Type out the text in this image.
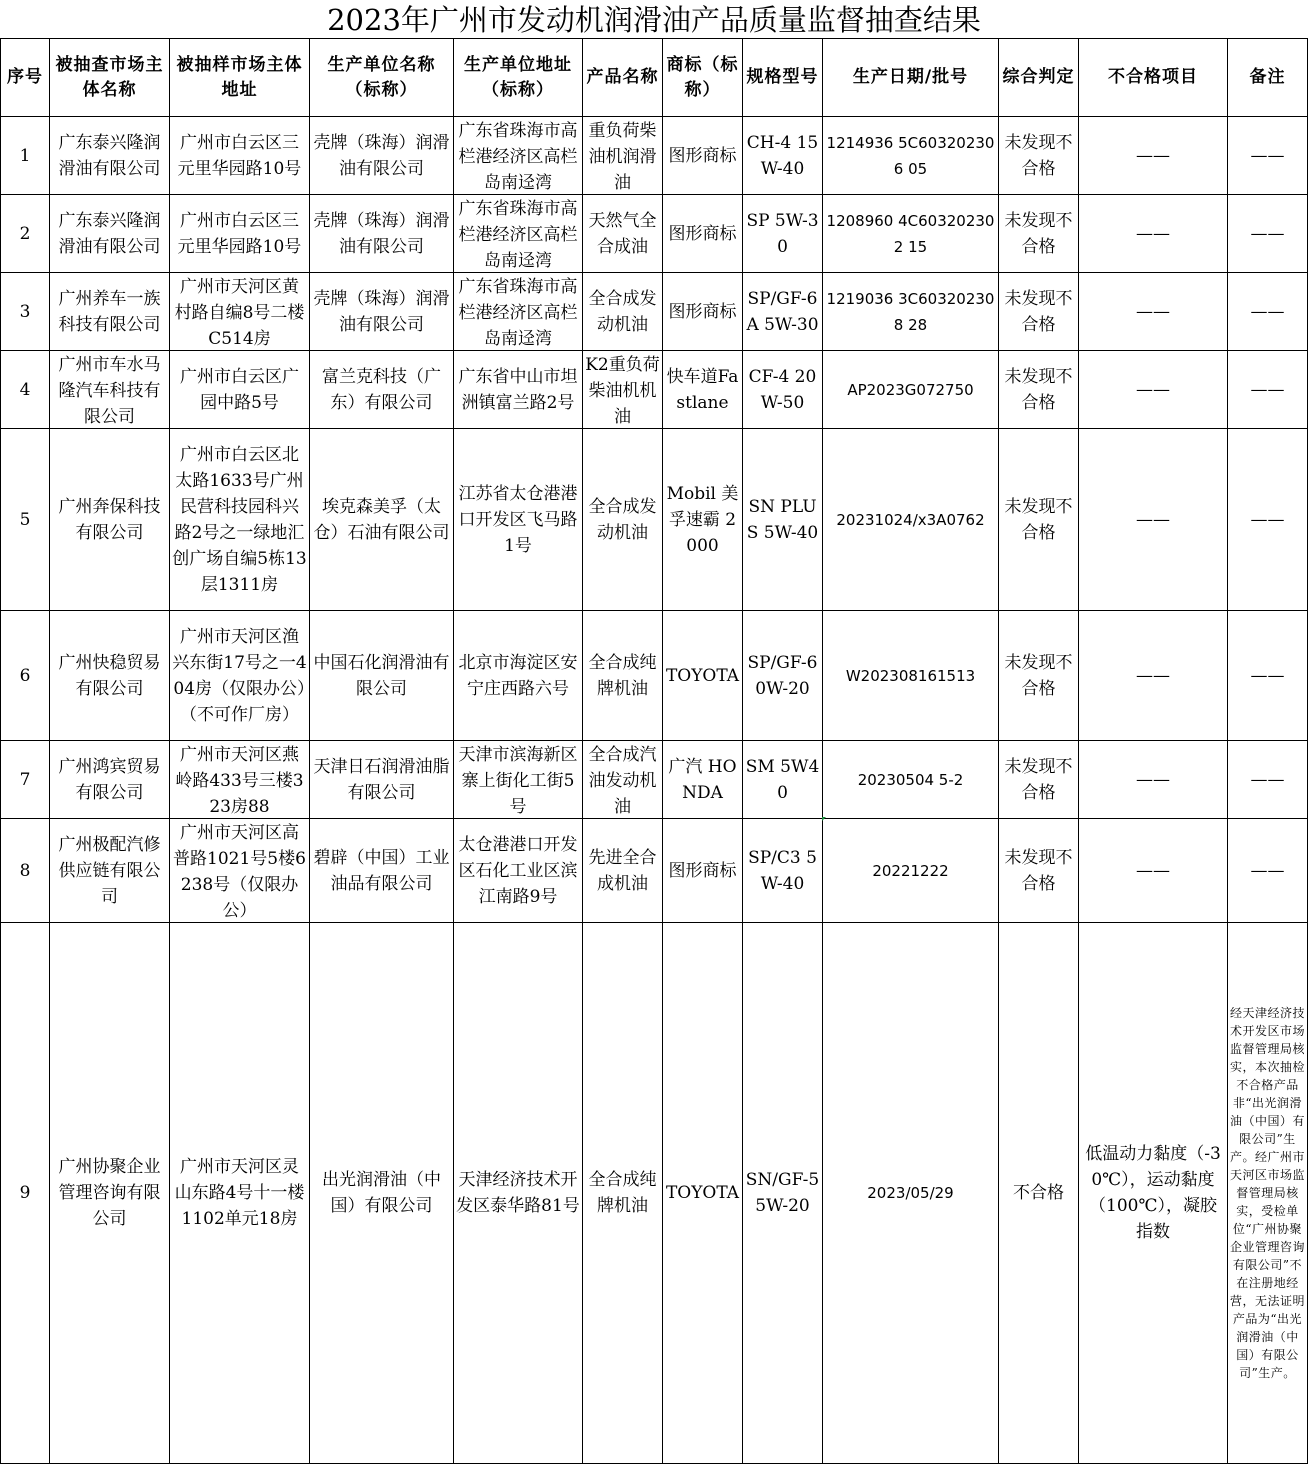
2023年广州市发动机润滑油产品质量监督抽查结果
序号	被抽查市场主体名称	被抽样市场主体地址	生产单位名称（标称）	生产单位地址（标称）	产品名称	商标（标称）	规格型号	生产日期/批号	综合判定	不合格项目	备注

1	广东泰兴隆润滑油有限公司	广州市白云区三元里华园路10号	壳牌（珠海）润滑油有限公司	广东省珠海市高栏港经济区高栏岛南迳湾	重负荷柴油机润滑油	图形商标	CH-4 15W-40	1214936 5C603202306 05	未发现不合格	——	——

2	广东泰兴隆润滑油有限公司	广州市白云区三元里华园路10号	壳牌（珠海）润滑油有限公司	广东省珠海市高栏港经济区高栏岛南迳湾	天然气全合成油	图形商标	SP 5W-30	1208960 4C603202302 15	未发现不合格	——	——

3	广州养车一族科技有限公司	广州市天河区黄村路自编8号二楼C514房	壳牌（珠海）润滑油有限公司	广东省珠海市高栏港经济区高栏岛南迳湾	全合成发动机油	图形商标	SP/GF-6A 5W-30	1219036 3C603202308 28	未发现不合格	——	——

4	广州市车水马隆汽车科技有限公司	广州市白云区广园中路5号	富兰克科技（广东）有限公司	广东省中山市坦洲镇富兰路2号	K2重负荷柴油机机油	快车道Fastlane	CF-4 20W-50	AP2023G072750	未发现不合格	——	——

5	广州奔保科技有限公司	广州市白云区北太路1633号广州民营科技园科兴路2号之一绿地汇创广场自编5栋13层1311房	埃克森美孚（太仓）石油有限公司	江苏省太仓港港口开发区飞马路1号	全合成发动机油	Mobil 美孚速霸 2000	SN PLUS 5W-40	20231024/x3A0762	未发现不合格	——	——

6	广州快稳贸易有限公司	广州市天河区渔兴东街17号之一404房（仅限办公）（不可作厂房）	中国石化润滑油有限公司	北京市海淀区安宁庄西路六号	全合成纯牌机油	TOYOTA	SP/GF-6 0W-20	W202308161513	未发现不合格	——	——

7	广州鸿宾贸易有限公司	广州市天河区燕岭路433号三楼323房88	天津日石润滑油脂有限公司	天津市滨海新区寨上街化工街5号	全合成汽油发动机油	广汽 HONDA	SM 5W40	20230504 5-2	未发现不合格	——	——

8	广州极配汽修供应链有限公司	广州市天河区高普路1021号5楼6238号（仅限办公）	碧辟（中国）工业油品有限公司	太仓港港口开发区石化工业区滨江南路9号	先进全合成机油	图形商标	SP/C3 5W-40	20221222	未发现不合格	——	——

9	广州协聚企业管理咨询有限公司	广州市天河区灵山东路4号十一楼1102单元18房	出光润滑油（中国）有限公司	天津经济技术开发区泰华路81号	全合成纯牌机油	TOYOTA	SN/GF-5 5W-20	2023/05/29	不合格	低温动力黏度（-30℃），运动黏度（100℃），凝胶指数	经天津经济技术开发区市场监督管理局核实，本次抽检不合格产品非“出光润滑油（中国）有限公司”生产。经广州市天河区市场监督管理局核实，受检单位“广州协聚企业管理咨询有限公司”不在注册地经营，无法证明产品为“出光润滑油（中国）有限公司”生产。
